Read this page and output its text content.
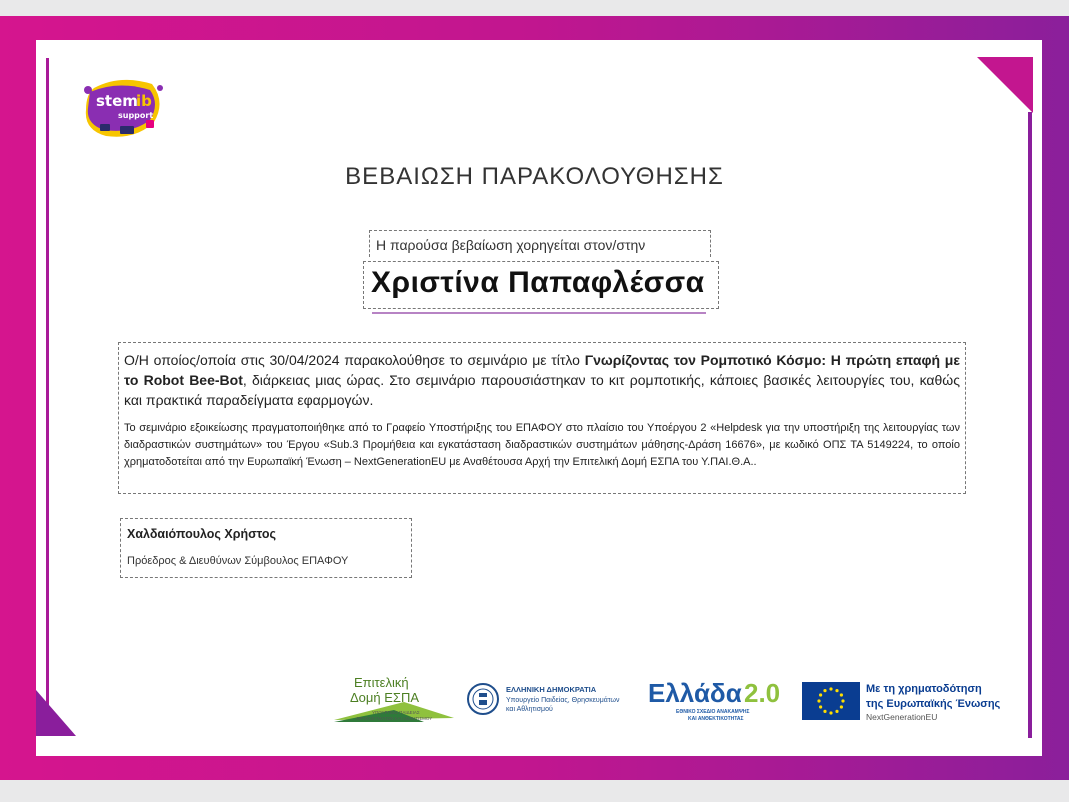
stem
ib
support
ΒΕΒΑΙΩΣΗ ΠΑΡΑΚΟΛΟΥΘΗΣΗΣ
Η παρούσα βεβαίωση χορηγείται στον/στην
Χριστίνα Παπαφλέσσα
Ο/Η οποίος/οποία στις 30/04/2024 παρακολούθησε το σεμινάριο με τίτλο Γνωρίζοντας τον Ρομποτικό Κόσμο: Η πρώτη επαφή με το Robot Bee-Bot, διάρκειας μιας ώρας. Στο σεμινάριο παρουσιάστηκαν το κιτ ρομποτικής, κάποιες βασικές λειτουργίες του, καθώς και πρακτικά παραδείγματα εφαρμογών.
Το σεμινάριο εξοικείωσης πραγματοποιήθηκε από το Γραφείο Υποστήριξης του ΕΠΑΦΟΥ στο πλαίσιο του Υποέργου 2 «Helpdesk για την υποστήριξη της λειτουργίας των διαδραστικών συστημάτων» του Έργου «Sub.3 Προμήθεια και εγκατάσταση διαδραστικών συστημάτων μάθησης-Δράση 16676», με κωδικό ΟΠΣ ΤΑ 5149224, το οποίο χρηματοδοτείται από την Ευρωπαϊκή Ένωση – NextGenerationEU με Αναθέτουσα Αρχή την Επιτελική Δομή ΕΣΠΑ του Υ.ΠΑΙ.Θ.Α..
Χαλδαιόπουλος Χρήστος
Πρόεδρος & Διευθύνων Σύμβουλος ΕΠΑΦΟΥ
Επιτελική
Δομή ΕΣΠΑ
ΥΠΟΥΡΓΕΙΟ ΠΑΙΔΕΙΑΣ
ΘΡΗΣΚΕΥΜΑΤΩΝ ΚΑΙ ΑΘΛΗΤΙΣΜΟΥ
ΕΛΛΗΝΙΚΗ ΔΗΜΟΚΡΑΤΙΑ
Υπουργείο Παιδείας, Θρησκευμάτων
και Αθλητισμού
Ελλάδα 2.0
ΕΘΝΙΚΟ ΣΧΕΔΙΟ ΑΝΑΚΑΜΨΗΣ
ΚΑΙ ΑΝΘΕΚΤΙΚΟΤΗΤΑΣ
Με τη χρηματοδότηση
της Ευρωπαϊκής Ένωσης
NextGenerationEU
